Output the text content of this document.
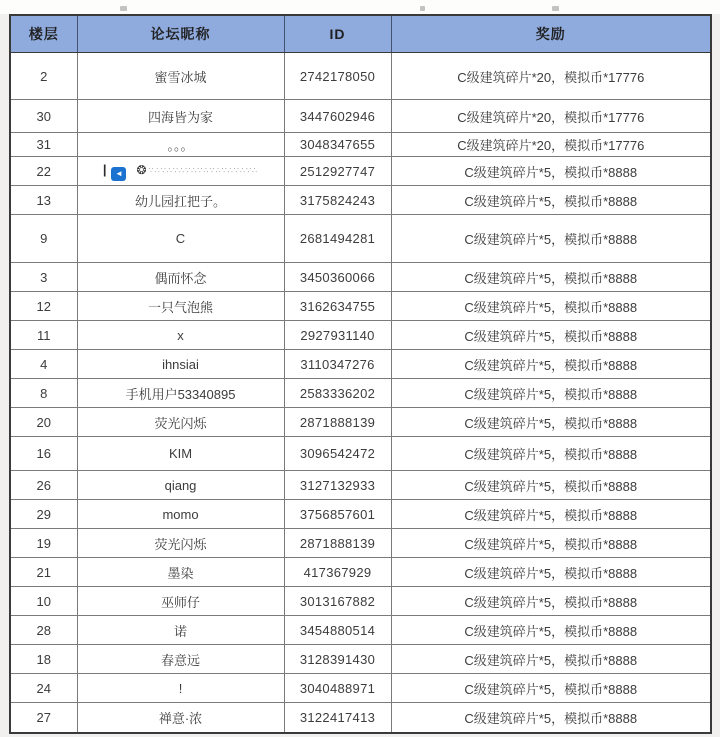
楼层	论坛昵称	ID	奖励
2	蜜雪冰城	2742178050	C级建筑碎片*20，模拟币*17776
30	四海皆为家	3447602946	C级建筑碎片*20，模拟币*17776
31	。。。	3048347655	C级建筑碎片*20，模拟币*17776
22	| ◄ ❂ ∵∴∵∴∵∴∵∴∵∴∵∴∵∴∵∴∵∴	2512927747	C级建筑碎片*5，模拟币*8888
13	幼儿园扛把子。	3175824243	C级建筑碎片*5，模拟币*8888
9	C	2681494281	C级建筑碎片*5，模拟币*8888
3	偶而怀念	3450360066	C级建筑碎片*5，模拟币*8888
12	一只气泡熊	3162634755	C级建筑碎片*5，模拟币*8888
11	x	2927931140	C级建筑碎片*5，模拟币*8888
4	ihnsiai	3110347276	C级建筑碎片*5，模拟币*8888
8	手机用户53340895	2583336202	C级建筑碎片*5，模拟币*8888
20	荧光闪烁	2871888139	C级建筑碎片*5，模拟币*8888
16	KIM	3096542472	C级建筑碎片*5，模拟币*8888
26	qiang	3127132933	C级建筑碎片*5，模拟币*8888
29	momo	3756857601	C级建筑碎片*5，模拟币*8888
19	荧光闪烁	2871888139	C级建筑碎片*5，模拟币*8888
21	墨染	417367929	C级建筑碎片*5，模拟币*8888
10	巫师仔	3013167882	C级建筑碎片*5，模拟币*8888
28	诺	3454880514	C级建筑碎片*5，模拟币*8888
18	春意远	3128391430	C级建筑碎片*5，模拟币*8888
24	!	3040488971	C级建筑碎片*5，模拟币*8888
27	禅意·浓	3122417413	C级建筑碎片*5，模拟币*8888
